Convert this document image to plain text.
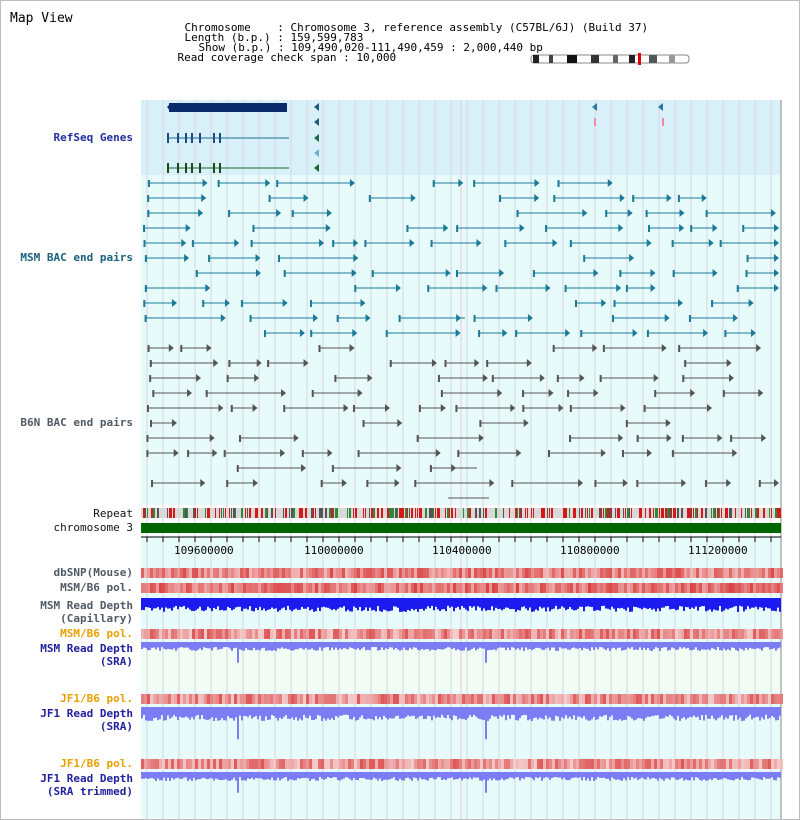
Map View

Chromosome    : Chromosome 3, reference assembly (C57BL/6J) (Build 37)

Length (b.p.) : 159,599,783

Show (b.p.) : 109,490,020-111,490,459 : 2,000,440 bp

Read coverage check span : 10,000

RefSeq Genes
MSM BAC end pairs
B6N BAC end pairs
Repeat
chromosome 3
dbSNP(Mouse)
MSM/B6 pol.
MSM Read Depth
(Capillary)
MSM/B6 pol.
MSM Read Depth
(SRA)
JF1/B6 pol.
JF1 Read Depth
(SRA)
JF1/B6 pol.
JF1 Read Depth
(SRA trimmed)
109600000	110000000	110400000	110800000	111200000
